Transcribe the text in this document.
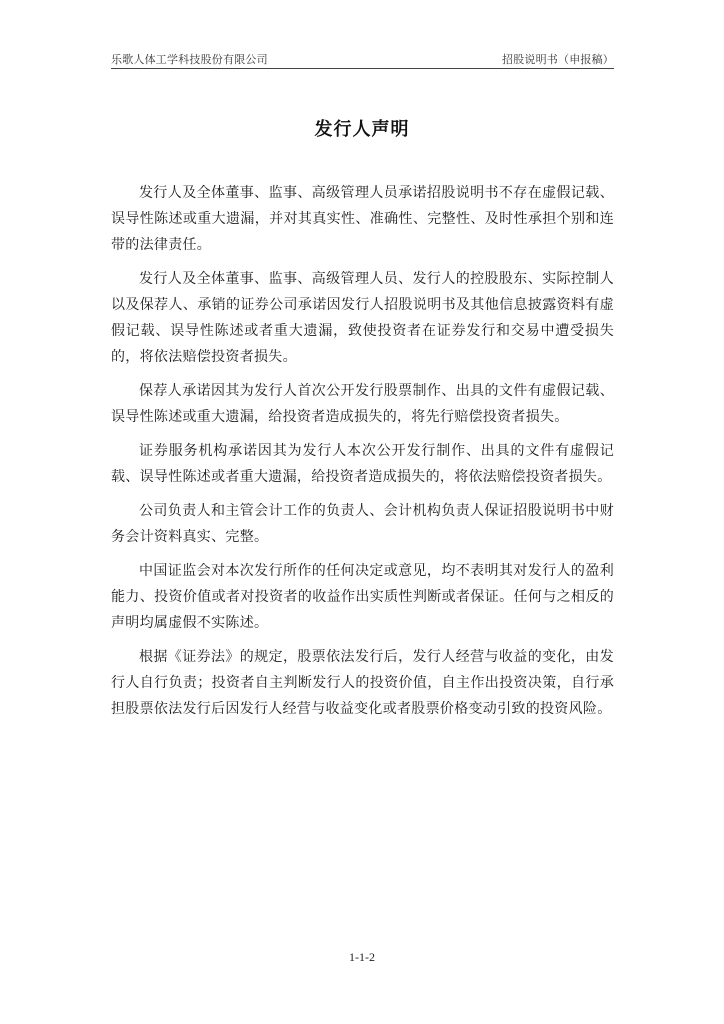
乐歌人体工学科技股份有限公司	招股说明书（申报稿）
发行人声明

发行人及全体董事、监事、高级管理人员承诺招股说明书不存在虚假记载、误导性陈述或重大遗漏，并对其真实性、准确性、完整性、及时性承担个别和连带的法律责任。

发行人及全体董事、监事、高级管理人员、发行人的控股股东、实际控制人以及保荐人、承销的证券公司承诺因发行人招股说明书及其他信息披露资料有虚假记载、误导性陈述或者重大遗漏，致使投资者在证券发行和交易中遭受损失的，将依法赔偿投资者损失。

保荐人承诺因其为发行人首次公开发行股票制作、出具的文件有虚假记载、误导性陈述或重大遗漏，给投资者造成损失的，将先行赔偿投资者损失。

证券服务机构承诺因其为发行人本次公开发行制作、出具的文件有虚假记载、误导性陈述或者重大遗漏，给投资者造成损失的，将依法赔偿投资者损失。

公司负责人和主管会计工作的负责人、会计机构负责人保证招股说明书中财务会计资料真实、完整。

中国证监会对本次发行所作的任何决定或意见，均不表明其对发行人的盈利能力、投资价值或者对投资者的收益作出实质性判断或者保证。任何与之相反的声明均属虚假不实陈述。

根据《证券法》的规定，股票依法发行后，发行人经营与收益的变化，由发行人自行负责；投资者自主判断发行人的投资价值，自主作出投资决策，自行承担股票依法发行后因发行人经营与收益变化或者股票价格变动引致的投资风险。

1-1-2
